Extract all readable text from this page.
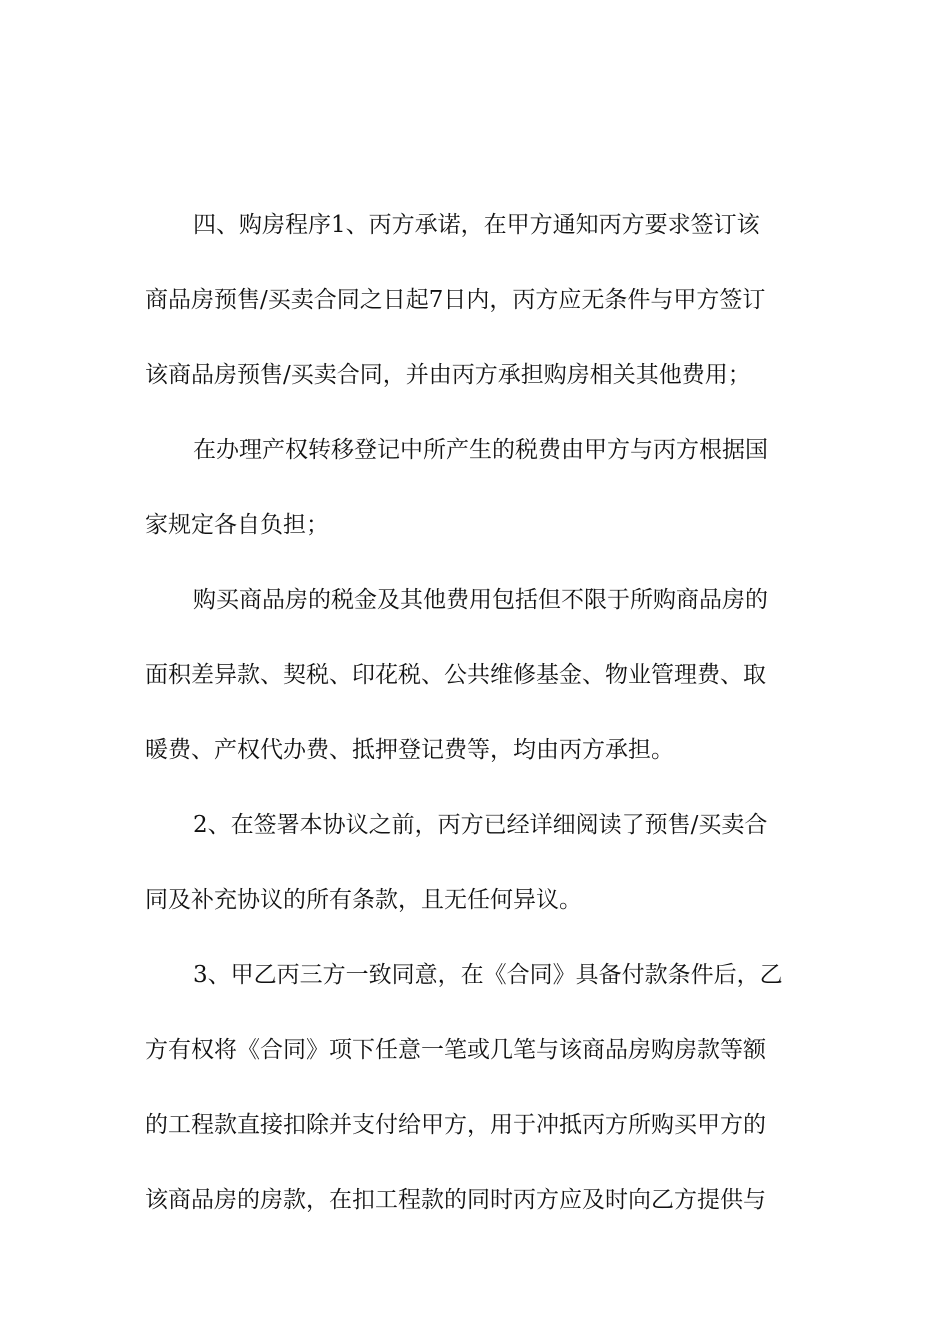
四、购房程序1、丙方承诺，在甲方通知丙方要求签订该
商品房预售/买卖合同之日起7日内，丙方应无条件与甲方签订
该商品房预售/买卖合同，并由丙方承担购房相关其他费用；
在办理产权转移登记中所产生的税费由甲方与丙方根据国
家规定各自负担；
购买商品房的税金及其他费用包括但不限于所购商品房的
面积差异款、契税、印花税、公共维修基金、物业管理费、取
暖费、产权代办费、抵押登记费等，均由丙方承担。
2、在签署本协议之前，丙方已经详细阅读了预售/买卖合
同及补充协议的所有条款，且无任何异议。
3、甲乙丙三方一致同意，在《合同》具备付款条件后，乙
方有权将《合同》项下任意一笔或几笔与该商品房购房款等额
的工程款直接扣除并支付给甲方，用于冲抵丙方所购买甲方的
该商品房的房款，在扣工程款的同时丙方应及时向乙方提供与
